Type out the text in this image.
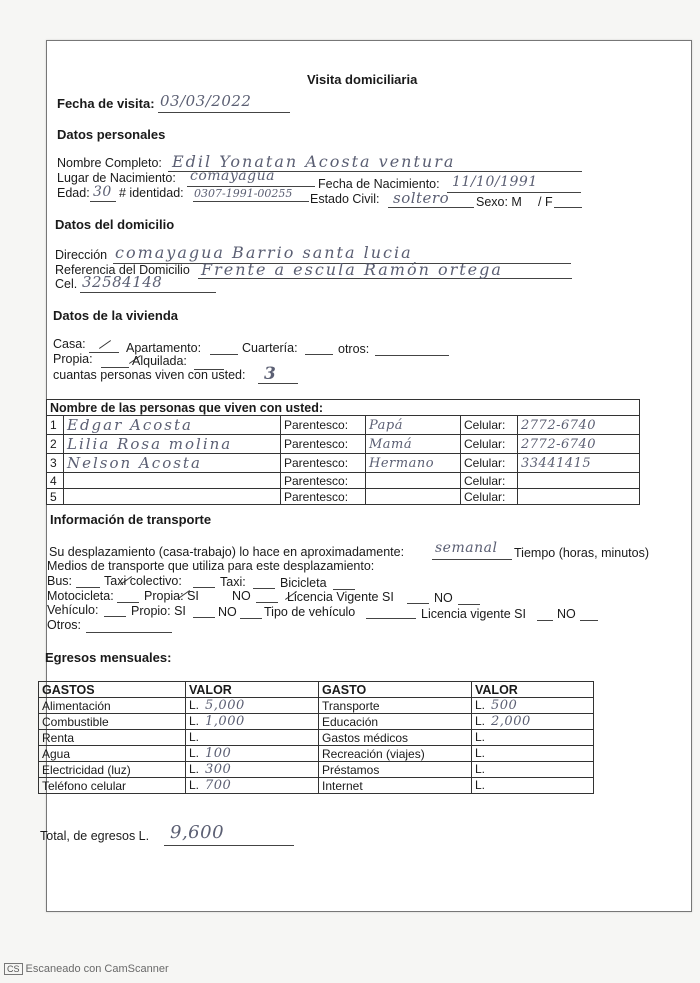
Visita domiciliaria
Fecha de visita: 03/03/2022
Datos personales
Nombre Completo: Edil Yonatan Acosta ventura
Lugar de Nacimiento: comayagua	Fecha de Nacimiento: 11/10/1991
Edad: 30 # identidad: 0307-1991-00255 Estado Civil: soltero Sexo: M / F
Datos del domicilio
Dirección comayagua Barrio santa lucia
Referencia del Domicilio Frente a escula Ramón ortega
Cel. 32584148
Datos de la vivienda
Casa:
	Apartamento:	Cuartería:	otros:
Propia:
	Alquilada:
cuantas personas viven con usted: 3
Nombre de las personas que viven con usted:					
1	Edgar Acosta	Parentesco:	Papá	Celular:	2772-6740
2	Lilia Rosa molina	Parentesco:	Mamá	Celular:	2772-6740
3	Nelson Acosta	Parentesco:	Hermano	Celular:	33441415
4		Parentesco:		Celular:	
5		Parentesco:		Celular:	
Información de transporte
Su desplazamiento (casa-trabajo) lo hace en aproximadamente: semanal Tiempo (horas, minutos)
Medios de transporte que utiliza para este desplazamiento:
Bus:
	Taxi colectivo:	Taxi:	Bicicleta
Motocicleta:
Propia: SI	NO	Licencia Vigente SI	NO
Vehículo:	Propio: SI	NO Tipo de vehículo	Licencia vigente SI NO
Otros:
Egresos mensuales:
GASTOS	VALOR	GASTO	VALOR
Alimentación	L. 5,000	Transporte	L. 500
Combustible	L. 1,000	Educación	L. 2,000
Renta	L.	Gastos médicos	L.
Agua	L. 100	Recreación (viajes)	L.
Electricidad (luz)	L. 300	Préstamos	L.
Teléfono celular	L. 700	Internet	L.
Total, de egresos L. 9,600
CS Escaneado con CamScanner
